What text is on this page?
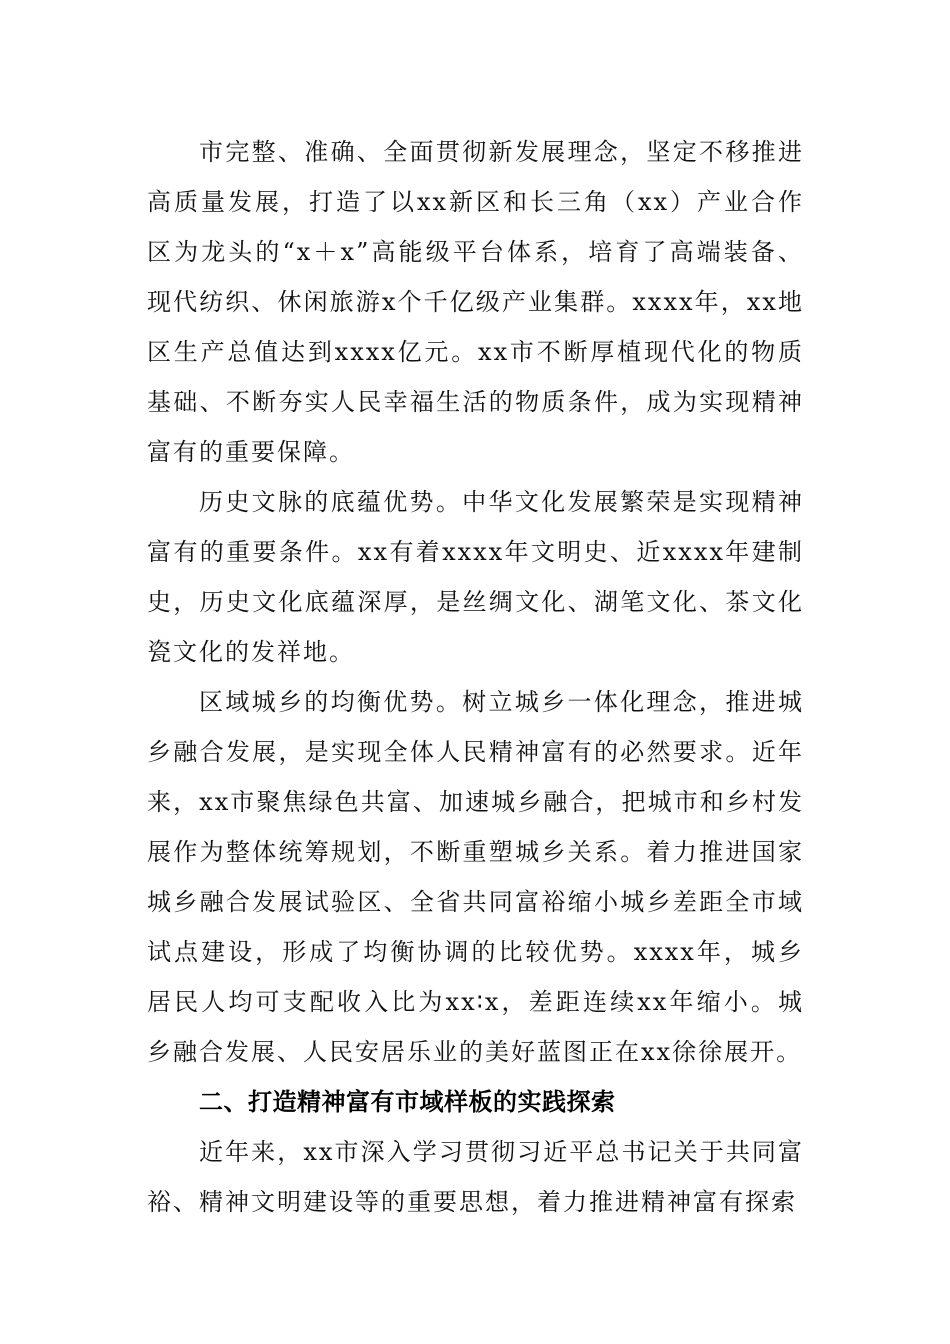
市完整、准确、全面贯彻新发展理念，坚定不移推进高质量发展，打造了以xx新区和长三角（xx）产业合作区为龙头的“x＋x”高能级平台体系，培育了高端装备、现代纺织、休闲旅游x个千亿级产业集群。xxxx年，xx地区生产总值达到xxxx亿元。xx市不断厚植现代化的物质基础、不断夯实人民幸福生活的物质条件，成为实现精神富有的重要保障。

历史文脉的底蕴优势。中华文化发展繁荣是实现精神富有的重要条件。xx有着xxxx年文明史、近xxxx年建制史，历史文化底蕴深厚，是丝绸文化、湖笔文化、茶文化瓷文化的发祥地。

区域城乡的均衡优势。树立城乡一体化理念，推进城乡融合发展，是实现全体人民精神富有的必然要求。近年来，xx市聚焦绿色共富、加速城乡融合，把城市和乡村发展作为整体统筹规划，不断重塑城乡关系。着力推进国家城乡融合发展试验区、全省共同富裕缩小城乡差距全市域试点建设，形成了均衡协调的比较优势。xxxx年，城乡居民人均可支配收入比为xx∶x，差距连续xx年缩小。城乡融合发展、人民安居乐业的美好蓝图正在xx徐徐展开。

二、打造精神富有市域样板的实践探索

近年来，xx市深入学习贯彻习近平总书记关于共同富裕、精神文明建设等的重要思想，着力推进精神富有探索
